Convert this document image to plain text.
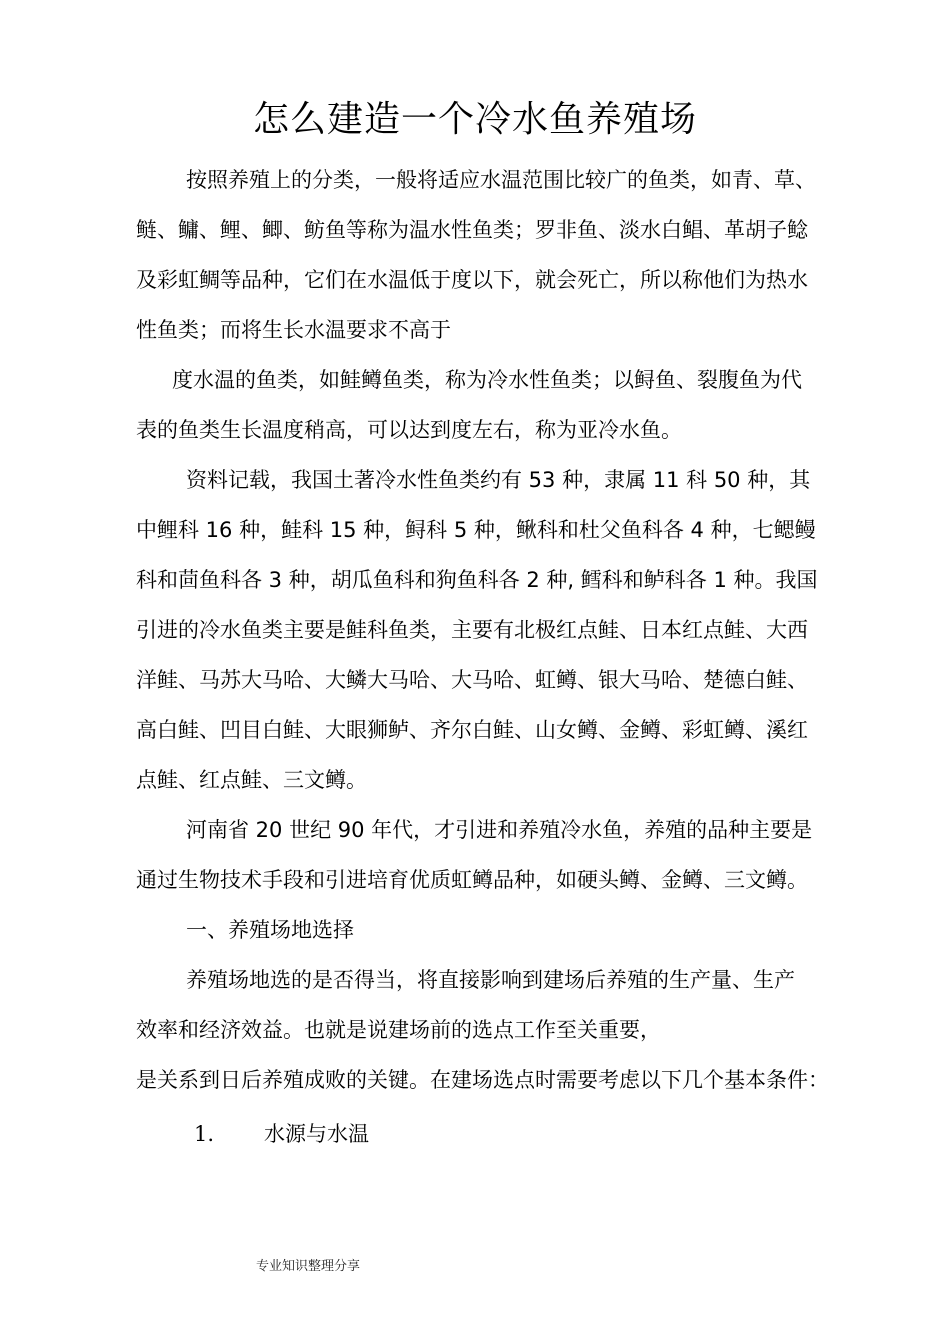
怎么建造一个冷水鱼养殖场
按照养殖上的分类，一般将适应水温范围比较广的鱼类，如青、草、
鲢、鳙、鲤、鲫、鲂鱼等称为温水性鱼类；罗非鱼、淡水白鲳、革胡子鲶
及彩虹鲷等品种，它们在水温低于度以下，就会死亡，所以称他们为热水
性鱼类；而将生长水温要求不高于
度水温的鱼类，如鲑鳟鱼类，称为冷水性鱼类；以鲟鱼、裂腹鱼为代
表的鱼类生长温度稍高，可以达到度左右，称为亚冷水鱼。
资料记载，我国土著冷水性鱼类约有 53 种，隶属 11 科 50 种，其
中鲤科 16 种，鲑科 15 种，鲟科 5 种，鳅科和杜父鱼科各 4 种，七鳃鳗
科和茴鱼科各 3 种，胡瓜鱼科和狗鱼科各 2 种, 鳕科和鲈科各 1 种。我国
引进的冷水鱼类主要是鲑科鱼类，主要有北极红点鲑、日本红点鲑、大西
洋鲑、马苏大马哈、大鳞大马哈、大马哈、虹鳟、银大马哈、楚德白鲑、
高白鲑、凹目白鲑、大眼狮鲈、齐尔白鲑、山女鳟、金鳟、彩虹鳟、溪红
点鲑、红点鲑、三文鳟。
河南省 20 世纪 90 年代，才引进和养殖冷水鱼，养殖的品种主要是
通过生物技术手段和引进培育优质虹鳟品种，如硬头鳟、金鳟、三文鳟。
一、养殖场地选择
养殖场地选的是否得当，将直接影响到建场后养殖的生产量、生产
效率和经济效益。也就是说建场前的选点工作至关重要，
是关系到日后养殖成败的关键。在建场选点时需要考虑以下几个基本条件：
1. 水源与水温
专业知识整理分享
